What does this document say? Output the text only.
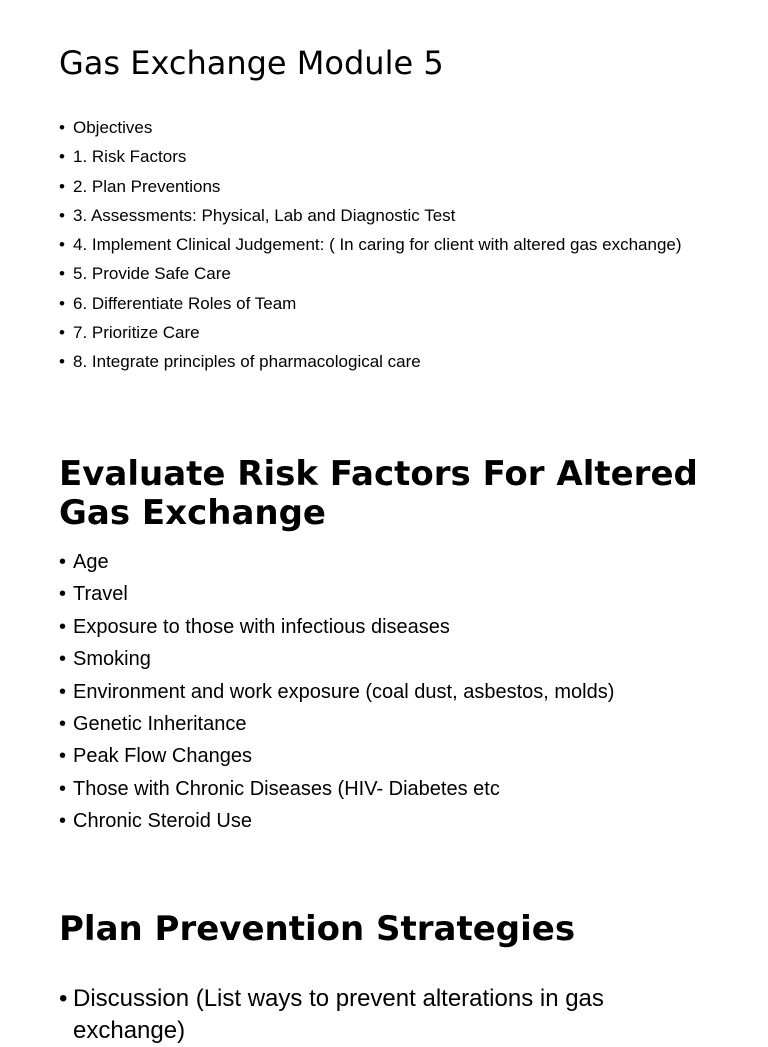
Gas Exchange Module 5
• Objectives
• 1. Risk Factors
• 2. Plan Preventions
• 3. Assessments: Physical, Lab and Diagnostic Test
• 4. Implement Clinical Judgement: ( In caring for client with altered gas exchange)
• 5. Provide Safe Care
• 6. Differentiate Roles of Team
• 7. Prioritize Care
• 8. Integrate principles of pharmacological care
Evaluate Risk Factors For Altered Gas Exchange
• Age
• Travel
• Exposure to those with infectious diseases
• Smoking
• Environment and work exposure (coal dust, asbestos, molds)
• Genetic Inheritance
• Peak Flow Changes
• Those with Chronic Diseases (HIV- Diabetes etc
• Chronic Steroid Use
Plan Prevention Strategies
• Discussion (List ways to prevent alterations in gas exchange)
